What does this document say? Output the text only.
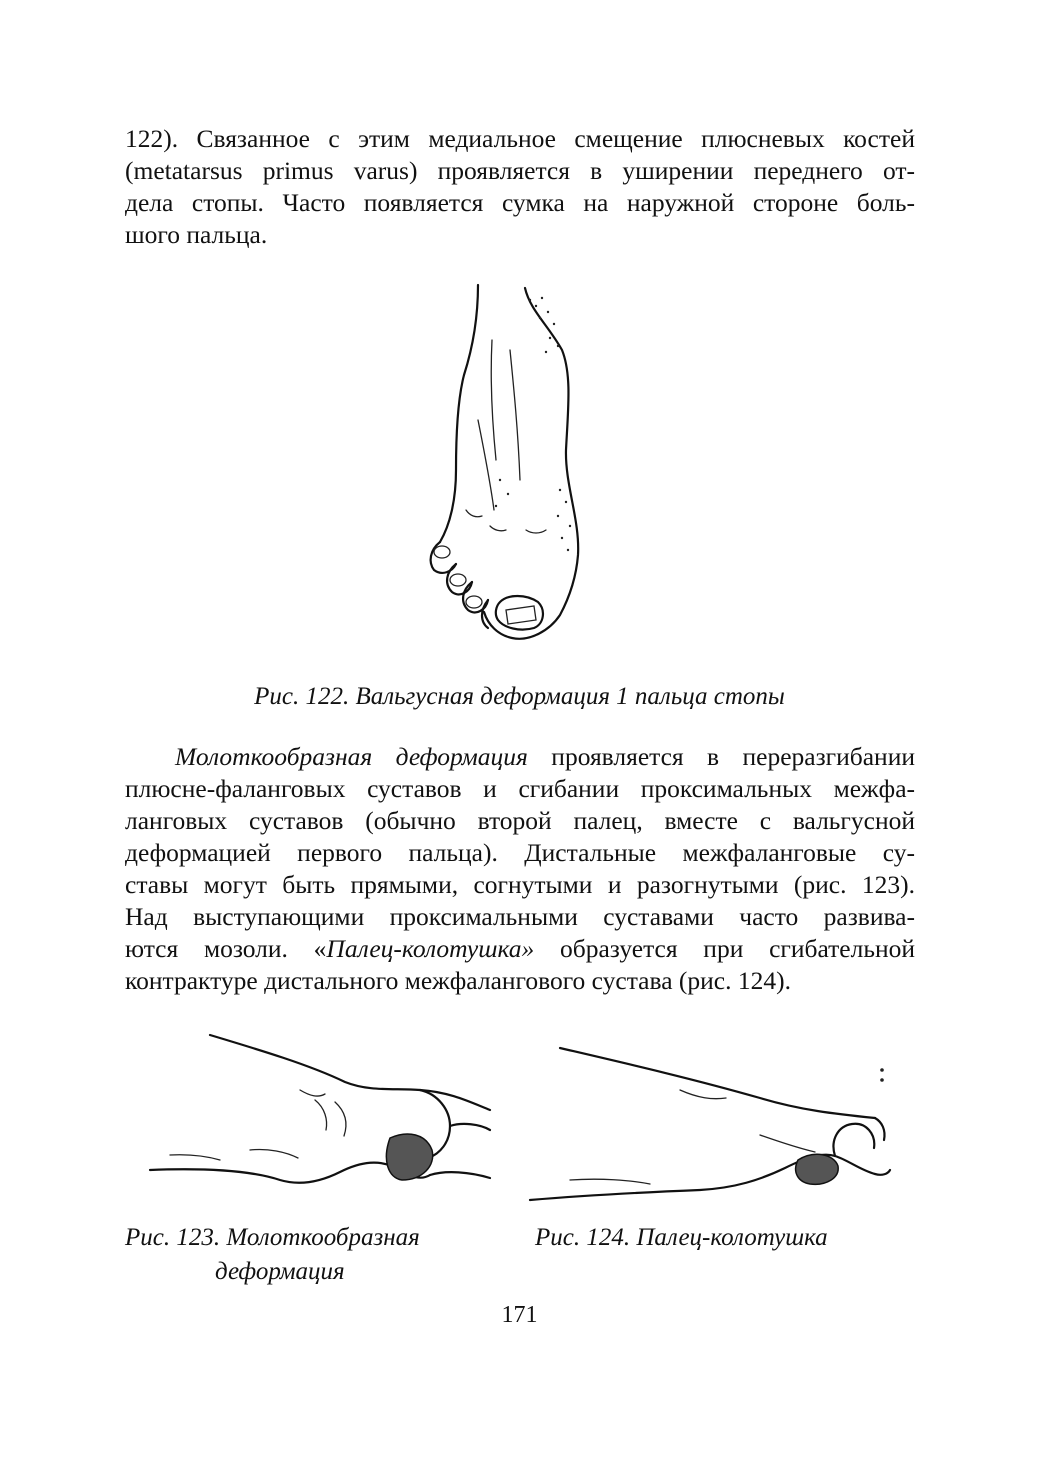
122). Связанное с этим медиальное смещение плюсневых костей
(metatarsus primus varus) проявляется в уширении переднего от-
дела стопы. Часто появляется сумка на наружной стороне боль-
шого пальца.

Рис. 122. Вальгусная деформация 1 пальца стопы

Молоткообразная деформация проявляется в переразгибании
плюсне-фаланговых суставов и сгибании проксимальных межфа-
ланговых суставов (обычно второй палец, вместе с вальгусной
деформацией первого пальца). Дистальные межфаланговые су-
ставы могут быть прямыми, согнутыми и разогнутыми (рис. 123).
Над выступающими проксимальными суставами часто развива-
ются мозоли. «Палец-колотушка» образуется при сгибательной
контрактуре дистального межфалангового сустава (рис. 124).

Рис. 123. Молоткообразная

деформация

Рис. 124. Палец-колотушка

171
